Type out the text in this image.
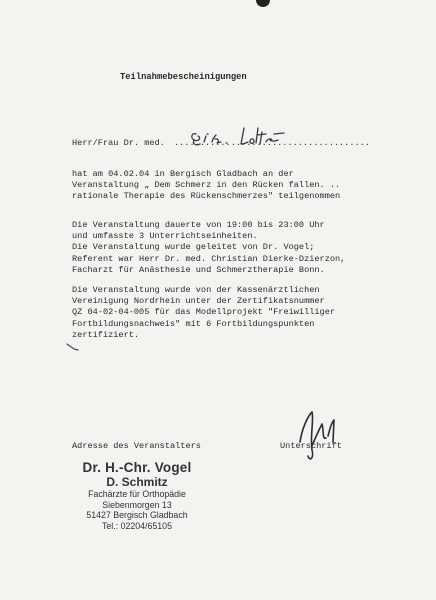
Teilnahmebescheinigungen
Herr/Frau Dr. med. ......................................
hat am 04.02.04 in Bergisch Gladbach an der
Veranstaltung „ Dem Schmerz in den Rücken fallen. ..
rationale Therapie des Rückenschmerzes" teilgenommen
Die Veranstaltung dauerte von 19:00 bis 23:00 Uhr
und umfasste 3 Unterrichtseinheiten.
Die Veranstaltung wurde geleitet von Dr. Vogel;
Referent war Herr Dr. med. Christian Dierke-Dzierzon,
Facharzt für Anästhesie und Schmerztherapie Bonn.
Die Veranstaltung wurde von der Kassenärztlichen
Vereinigung Nordrhein unter der Zertifikatsnummer
QZ 04-02-04-005 für das Modellprojekt "Freiwilliger
Fortbildungsnachweis" mit 6 Fortbildungspunkten
zertifiziert.
Adresse des Veranstalters	Unterschrift
Dr. H.-Chr. Vogel
D. Schmitz
Fachärzte für Orthopädie
Siebenmorgen 13
51427 Bergisch Gladbach
Tel.: 02204/65105
